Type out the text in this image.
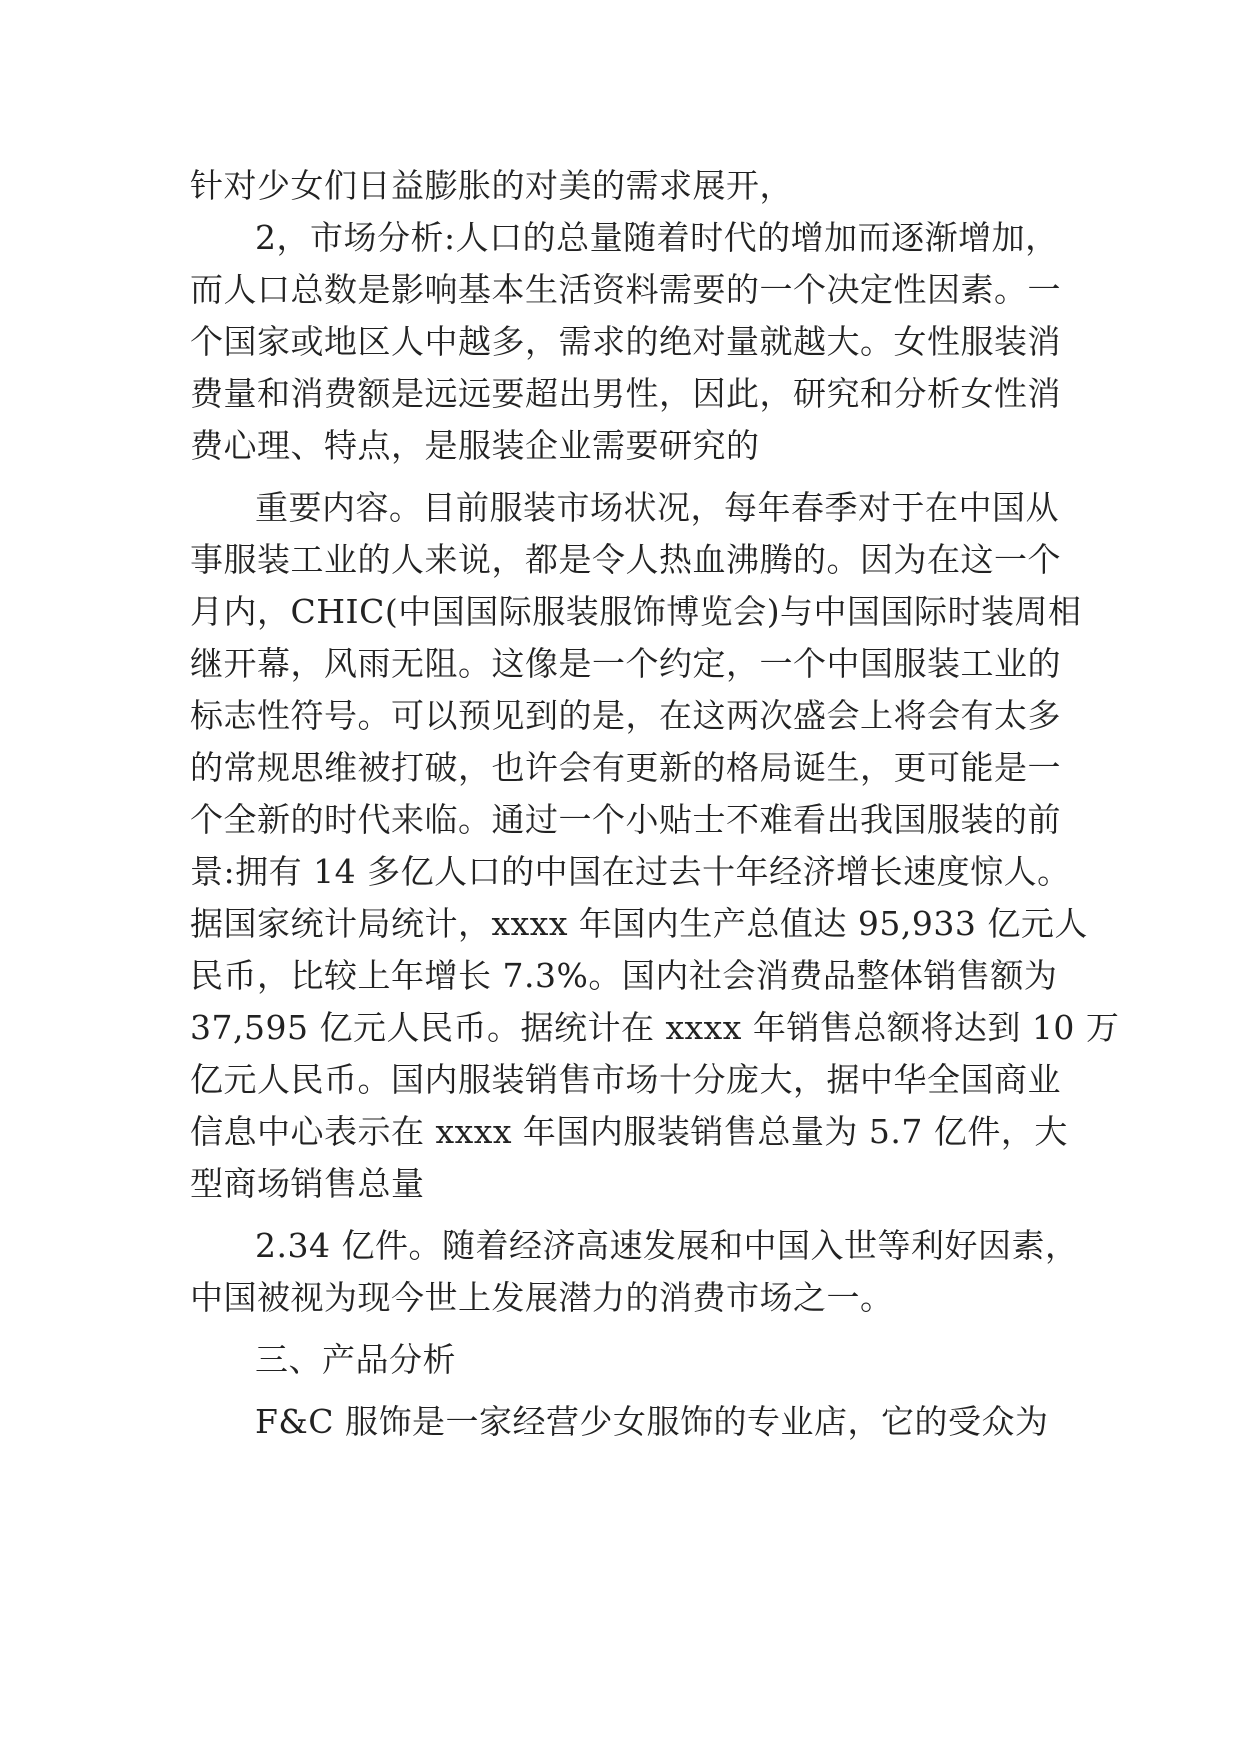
针对少女们日益膨胀的对美的需求展开，
2，市场分析:人口的总量随着时代的增加而逐渐增加，
而人口总数是影响基本生活资料需要的一个决定性因素。一
个国家或地区人中越多，需求的绝对量就越大。女性服装消
费量和消费额是远远要超出男性，因此，研究和分析女性消
费心理、特点，是服装企业需要研究的
重要内容。目前服装市场状况，每年春季对于在中国从
事服装工业的人来说，都是令人热血沸腾的。因为在这一个
月内，CHIC(中国国际服装服饰博览会)与中国国际时装周相
继开幕，风雨无阻。这像是一个约定，一个中国服装工业的
标志性符号。可以预见到的是，在这两次盛会上将会有太多
的常规思维被打破，也许会有更新的格局诞生，更可能是一
个全新的时代来临。通过一个小贴士不难看出我国服装的前
景:拥有 14 多亿人口的中国在过去十年经济增长速度惊人。
据国家统计局统计，xxxx 年国内生产总值达 95,933 亿元人
民币，比较上年增长 7.3%。国内社会消费品整体销售额为
37,595 亿元人民币。据统计在 xxxx 年销售总额将达到 10 万
亿元人民币。国内服装销售市场十分庞大，据中华全国商业
信息中心表示在 xxxx 年国内服装销售总量为 5.7 亿件，大
型商场销售总量
2.34 亿件。随着经济高速发展和中国入世等利好因素，
中国被视为现今世上发展潜力的消费市场之一。
三、产品分析
F&C 服饰是一家经营少女服饰的专业店，它的受众为
